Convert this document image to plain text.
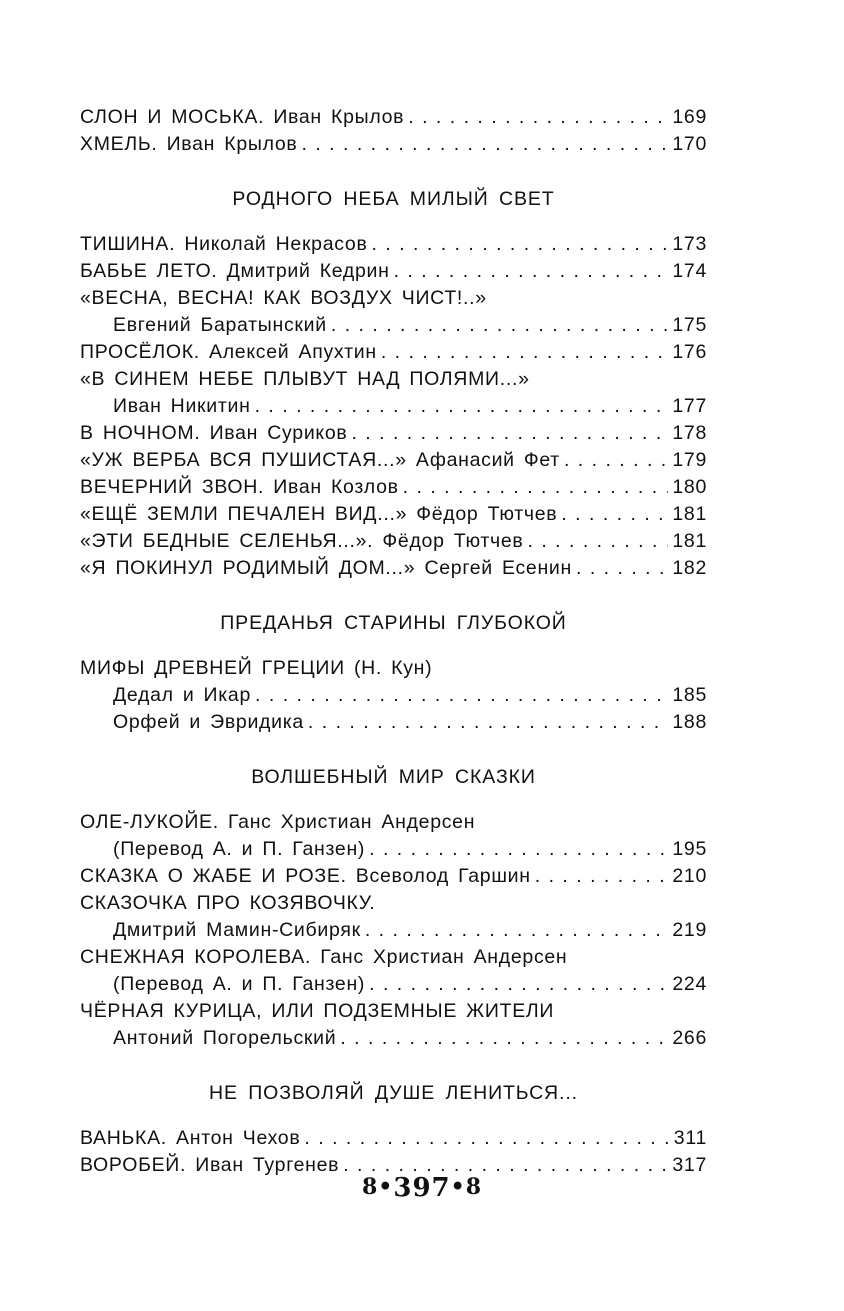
СЛОН И МОСЬКА. Иван Крылов . . .	169
ХМЕЛЬ. Иван Крылов . . .	170
РОДНОГО НЕБА МИЛЫЙ СВЕТ
ТИШИНА. Николай Некрасов . . .	173
БАБЬЕ ЛЕТО. Дмитрий Кедрин . . .	174
«ВЕСНА, ВЕСНА! КАК ВОЗДУХ ЧИСТ!..»
Евгений Баратынский . . .	175
ПРОСЁЛОК. Алексей Апухтин . . .	176
«В СИНЕМ НЕБЕ ПЛЫВУТ НАД ПОЛЯМИ...»
Иван Никитин . . .	177
В НОЧНОМ. Иван Суриков . . .	178
«УЖ ВЕРБА ВСЯ ПУШИСТАЯ...» Афанасий Фет . . .	179
ВЕЧЕРНИЙ ЗВОН. Иван Козлов . . .	180
«ЕЩЁ ЗЕМЛИ ПЕЧАЛЕН ВИД...» Фёдор Тютчев . . .	181
«ЭТИ БЕДНЫЕ СЕЛЕНЬЯ...». Фёдор Тютчев . . .	181
«Я ПОКИНУЛ РОДИМЫЙ ДОМ...» Сергей Есенин . . .	182
ПРЕДАНЬЯ СТАРИНЫ ГЛУБОКОЙ
МИФЫ ДРЕВНЕЙ ГРЕЦИИ (Н. Кун)
Дедал и Икар . . .	185
Орфей и Эвридика . . .	188
ВОЛШЕБНЫЙ МИР СКАЗКИ
ОЛЕ-ЛУКОЙЕ. Ганс Христиан Андерсен
(Перевод А. и П. Ганзен) . . .	195
СКАЗКА О ЖАБЕ И РОЗЕ. Всеволод Гаршин . . .	210
СКАЗОЧКА ПРО КОЗЯВОЧКУ.
Дмитрий Мамин-Сибиряк . . .	219
СНЕЖНАЯ КОРОЛЕВА. Ганс Христиан Андерсен
(Перевод А. и П. Ганзен) . . .	224
ЧЁРНАЯ КУРИЦА, ИЛИ ПОДЗЕМНЫЕ ЖИТЕЛИ
Антоний Погорельский . . .	266
НЕ ПОЗВОЛЯЙ ДУШЕ ЛЕНИТЬСЯ...
ВАНЬКА. Антон Чехов . . .	311
ВОРОБЕЙ. Иван Тургенев . . .	317
8•397•8
